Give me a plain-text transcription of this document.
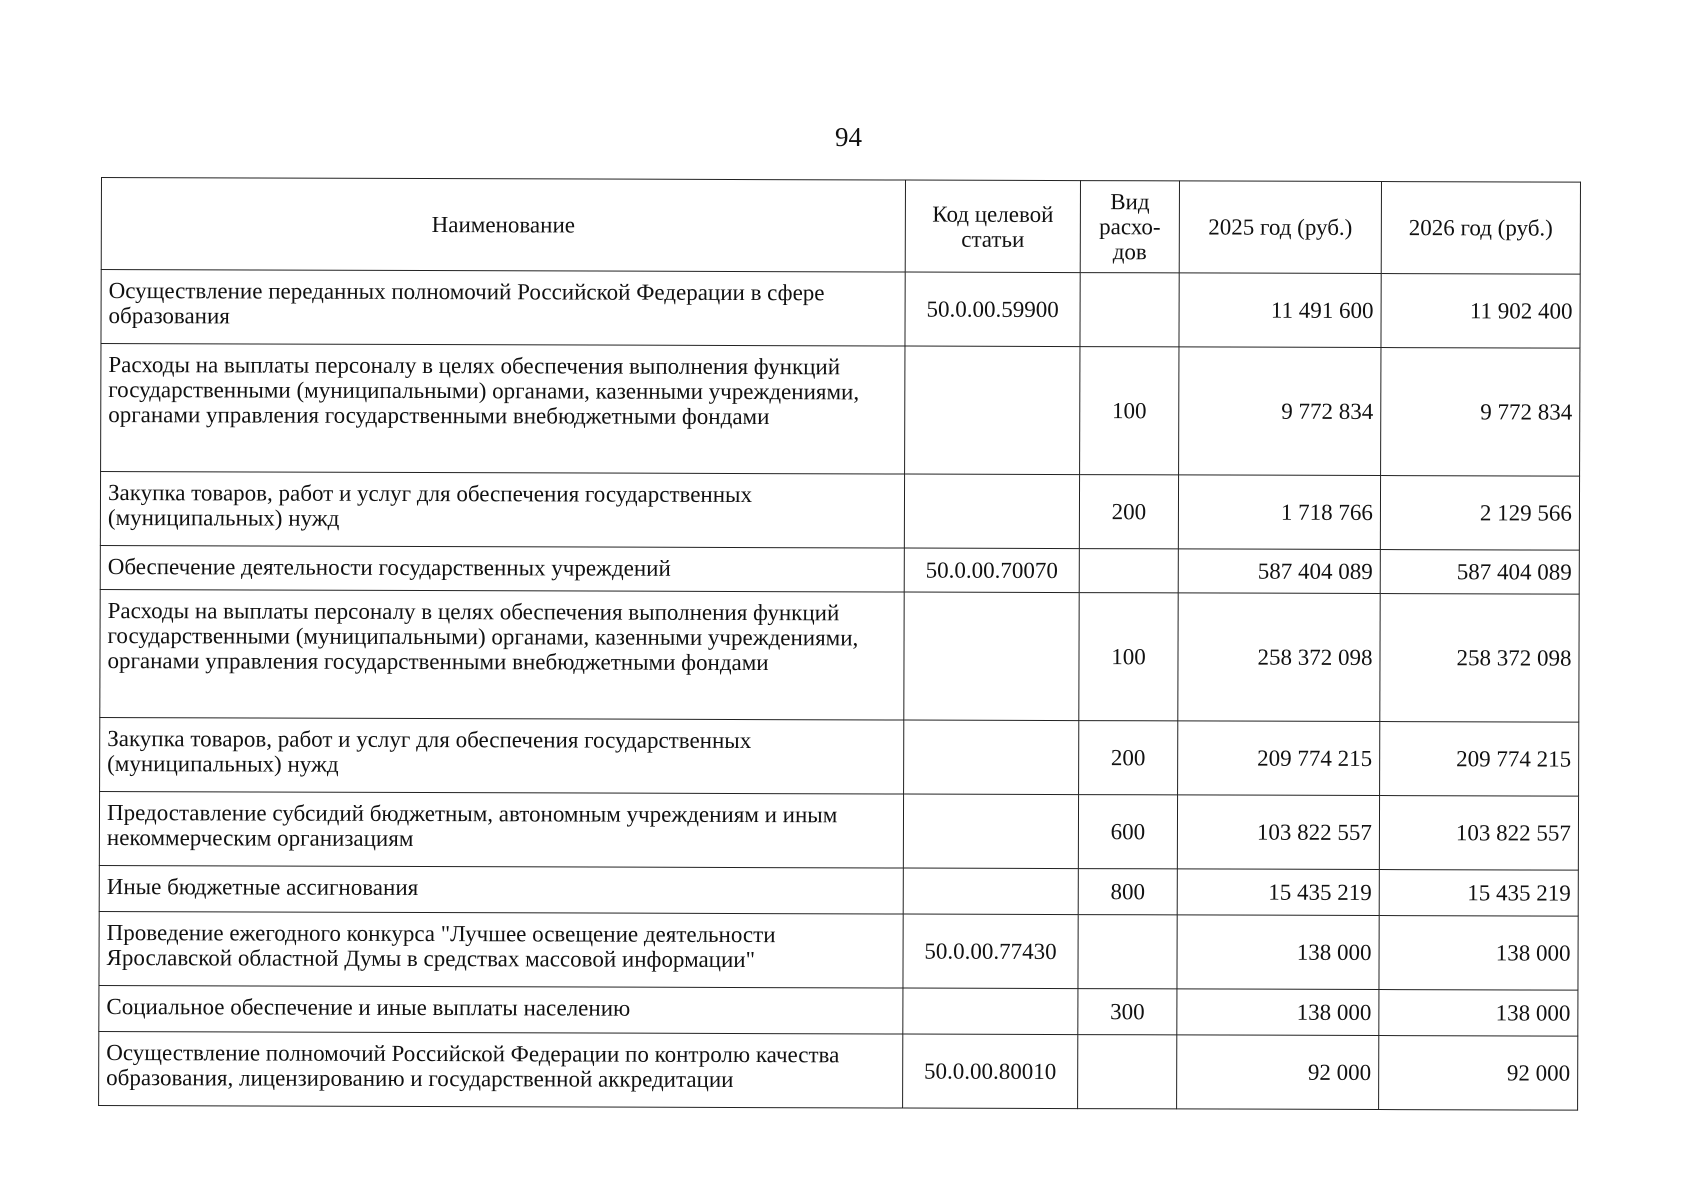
94
Наименование	Код целевой статьи	Вид расхо-дов	2025 год (руб.)	2026 год (руб.)
Осуществление переданных полномочий Российской Федерации в сфере образования	50.0.00.59900		11 491 600	11 902 400
Расходы на выплаты персоналу в целях обеспечения выполнения функций государственными (муниципальными) органами, казенными учреждениями, органами управления государственными внебюджетными фондами		100	9 772 834	9 772 834
Закупка товаров, работ и услуг для обеспечения государственных (муниципальных) нужд		200	1 718 766	2 129 566
Обеспечение деятельности государственных учреждений	50.0.00.70070		587 404 089	587 404 089
Расходы на выплаты персоналу в целях обеспечения выполнения функций государственными (муниципальными) органами, казенными учреждениями, органами управления государственными внебюджетными фондами		100	258 372 098	258 372 098
Закупка товаров, работ и услуг для обеспечения государственных (муниципальных) нужд		200	209 774 215	209 774 215
Предоставление субсидий бюджетным, автономным учреждениям и иным некоммерческим организациям		600	103 822 557	103 822 557
Иные бюджетные ассигнования		800	15 435 219	15 435 219
Проведение ежегодного конкурса "Лучшее освещение деятельности Ярославской областной Думы в средствах массовой информации"	50.0.00.77430		138 000	138 000
Социальное обеспечение и иные выплаты населению		300	138 000	138 000
Осуществление полномочий Российской Федерации по контролю качества образования, лицензированию и государственной аккредитации	50.0.00.80010		92 000	92 000
